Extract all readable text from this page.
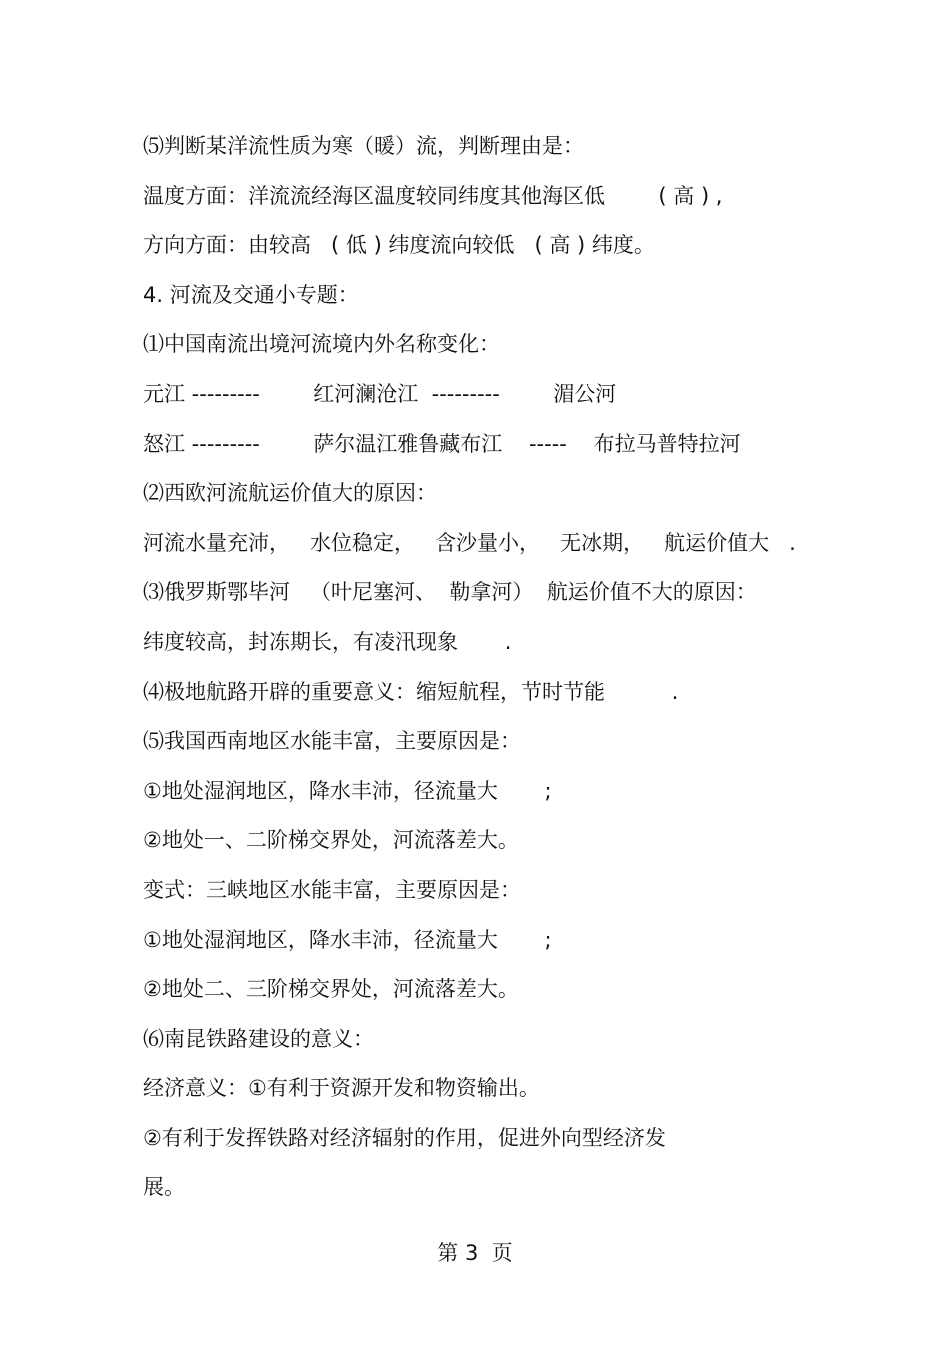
⑸判断某洋流性质为寒（暖）流，判断理由是：

温度方面：洋流流经海区温度较同纬度其他海区低        ( 高 ) ,

方向方面：由较高   ( 低 ) 纬度流向较低   ( 高 ) 纬度。

4. 河流及交通小专题：

⑴中国南流出境河流境内外名称变化：

元江 ---------        红河澜沧江  ---------        湄公河

怒江 ---------        萨尔温江雅鲁藏布江    -----    布拉马普特拉河

⑵西欧河流航运价值大的原因：

河流水量充沛，   水位稳定，   含沙量小，   无冰期，   航运价值大   .

⑶俄罗斯鄂毕河   （叶尼塞河、  勒拿河）  航运价值不大的原因：

纬度较高，封冻期长，有凌汛现象       .

⑷极地航路开辟的重要意义：缩短航程，节时节能          .

⑸我国西南地区水能丰富，主要原因是：

①地处湿润地区，降水丰沛，径流量大       ;

②地处一、二阶梯交界处，河流落差大。

变式：三峡地区水能丰富，主要原因是：

①地处湿润地区，降水丰沛，径流量大       ;

②地处二、三阶梯交界处，河流落差大。

⑹南昆铁路建设的意义：

经济意义：①有利于资源开发和物资输出。

②有利于发挥铁路对经济辐射的作用，促进外向型经济发

展。

第 3  页
